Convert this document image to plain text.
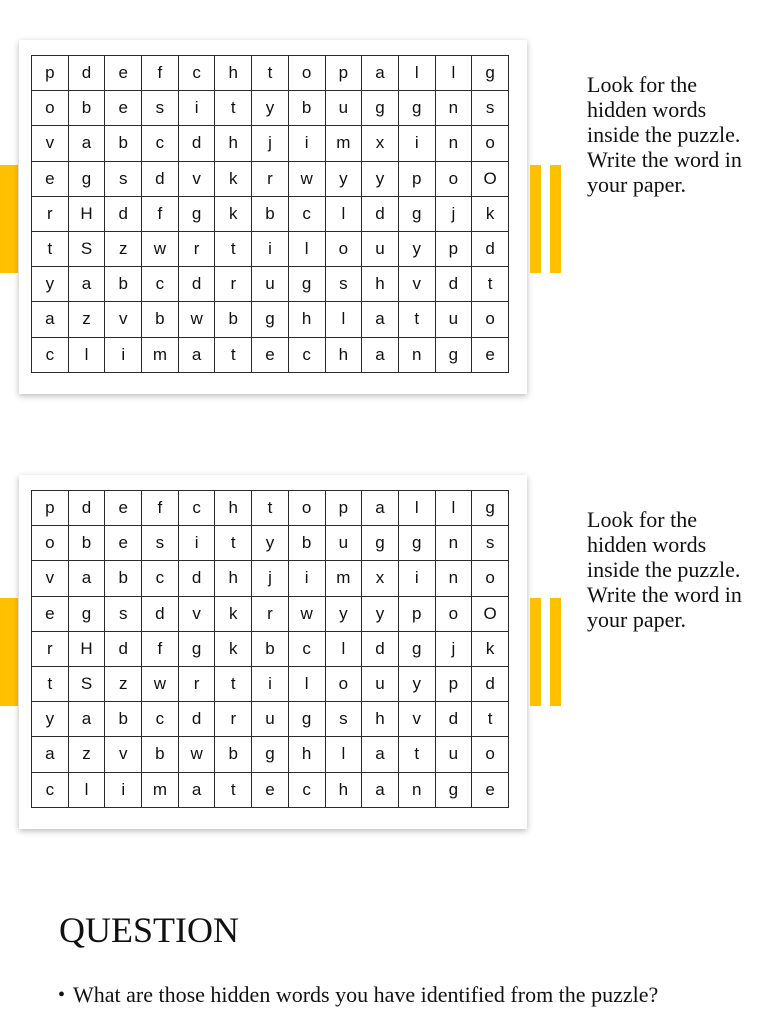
p	d	e	f	c	h	t	o	p	a	l	l	g
o	b	e	s	i	t	y	b	u	g	g	n	s
v	a	b	c	d	h	j	i	m	x	i	n	o
e	g	s	d	v	k	r	w	y	y	p	o	O
r	H	d	f	g	k	b	c	l	d	g	j	k
t	S	z	w	r	t	i	l	o	u	y	p	d
y	a	b	c	d	r	u	g	s	h	v	d	t
a	z	v	b	w	b	g	h	l	a	t	u	o
c	l	i	m	a	t	e	c	h	a	n	g	e
Look for the hidden words inside the puzzle. Write the word in your paper.
p	d	e	f	c	h	t	o	p	a	l	l	g
o	b	e	s	i	t	y	b	u	g	g	n	s
v	a	b	c	d	h	j	i	m	x	i	n	o
e	g	s	d	v	k	r	w	y	y	p	o	O
r	H	d	f	g	k	b	c	l	d	g	j	k
t	S	z	w	r	t	i	l	o	u	y	p	d
y	a	b	c	d	r	u	g	s	h	v	d	t
a	z	v	b	w	b	g	h	l	a	t	u	o
c	l	i	m	a	t	e	c	h	a	n	g	e
Look for the hidden words inside the puzzle. Write the word in your paper.
QUESTION
• What are those hidden words you have identified from the puzzle?
